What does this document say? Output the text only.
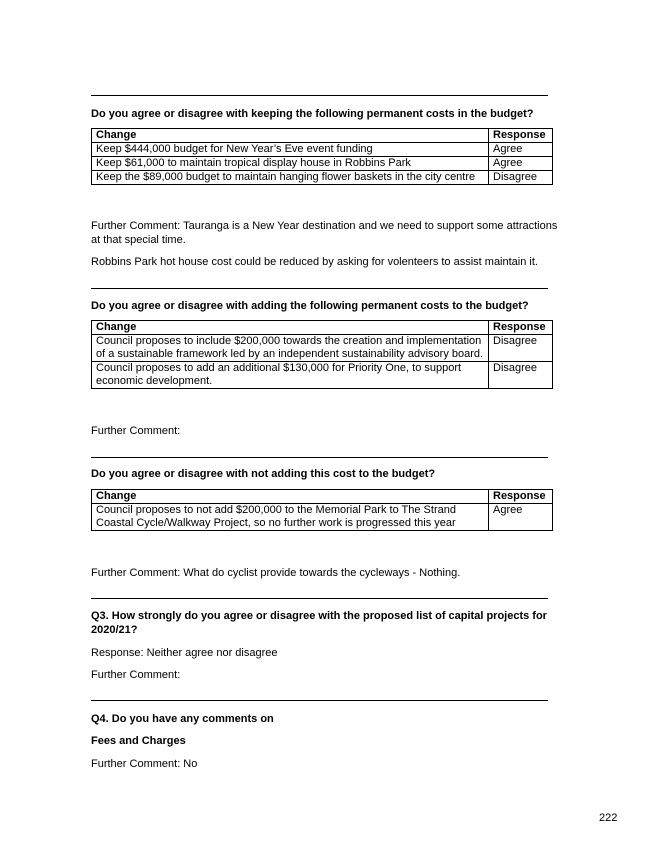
Do you agree or disagree with keeping the following permanent costs in the budget?
Change	Response
Keep $444,000 budget for New Year’s Eve event funding	Agree
Keep $61,000 to maintain tropical display house in Robbins Park	Agree
Keep the $89,000 budget to maintain hanging flower baskets in the city centre	Disagree
Further Comment: Tauranga is a New Year destination and we need to support some attractions at that special time.
Robbins Park hot house cost could be reduced by asking for volenteers to assist maintain it.
Do you agree or disagree with adding the following permanent costs to the budget?
Change	Response
Council proposes to include $200,000 towards the creation and implementation of a sustainable framework led by an independent sustainability advisory board.	Disagree
Council proposes to add an additional $130,000 for Priority One, to support economic development.	Disagree
Further Comment:
Do you agree or disagree with not adding this cost to the budget?
Change	Response
Council proposes to not add $200,000 to the Memorial Park to The Strand Coastal Cycle/Walkway Project, so no further work is progressed this year	Agree
Further Comment: What do cyclist provide towards the cycleways - Nothing.
Q3. How strongly do you agree or disagree with the proposed list of capital projects for 2020/21?
Response: Neither agree nor disagree
Further Comment:
Q4. Do you have any comments on
Fees and Charges
Further Comment: No
222
